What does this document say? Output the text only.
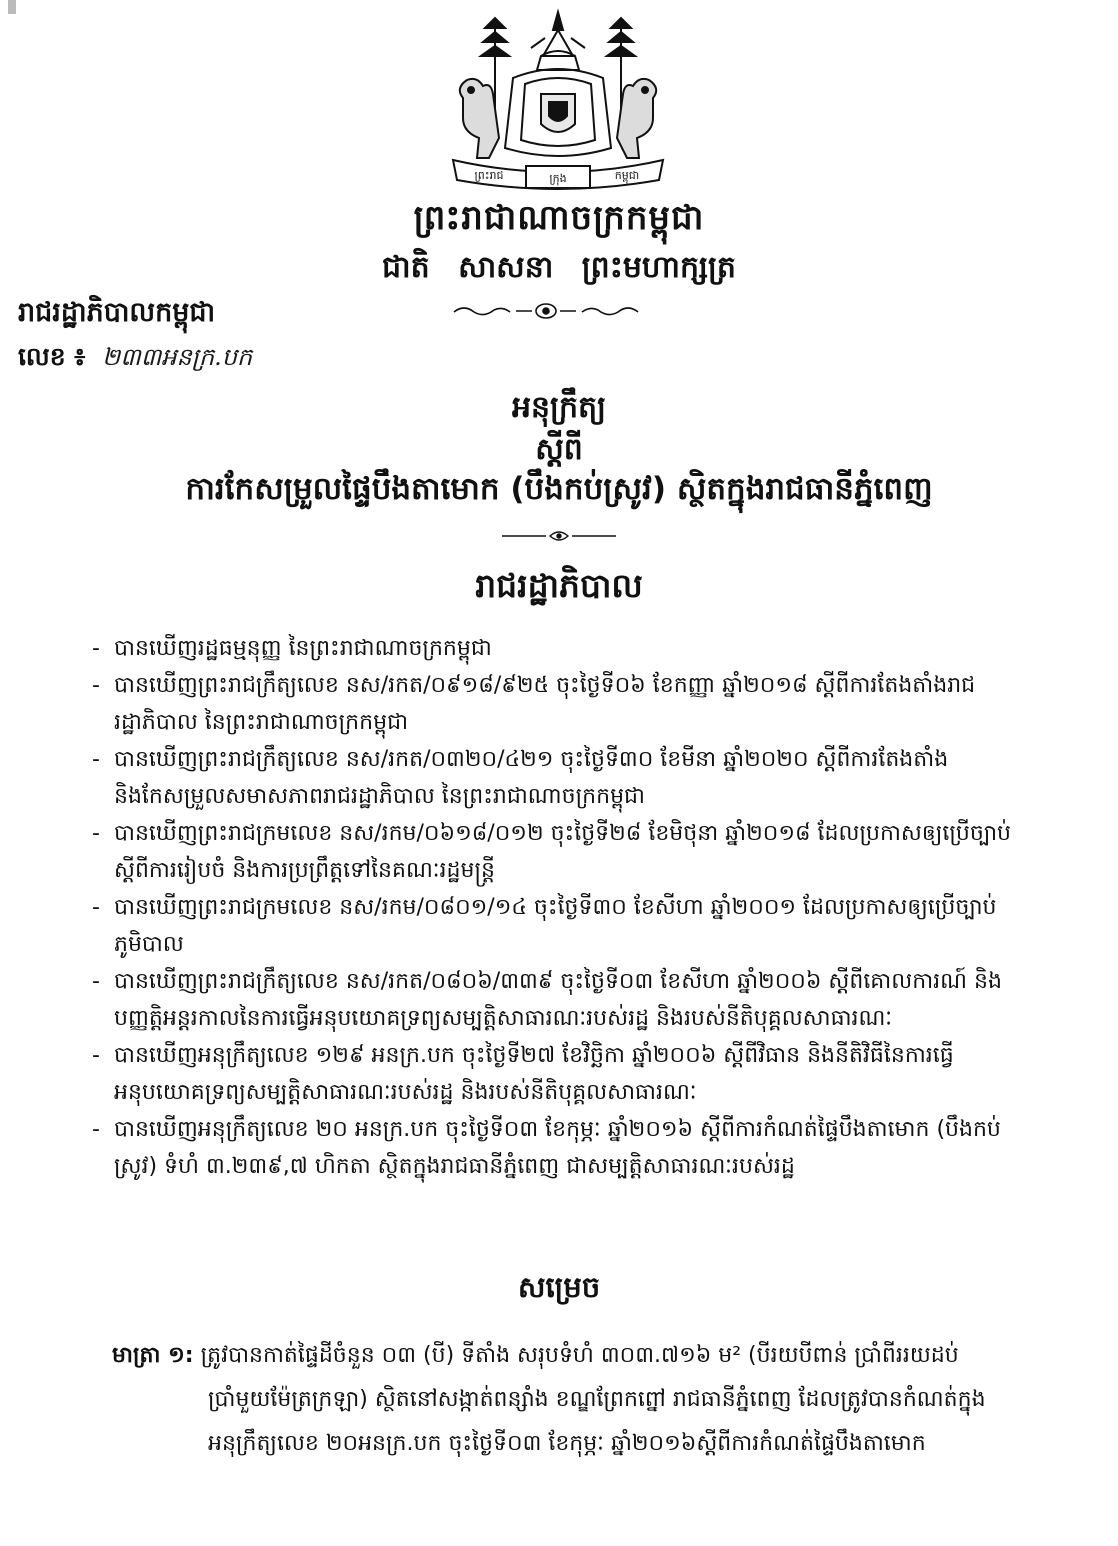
ព្រះរាជ	ក្រុង	កម្ពុជា
ព្រះរាជាណាចក្រកម្ពុជា
ជាតិ សាសនា ព្រះមហាក្សត្រ
រាជរដ្ឋាភិបាលកម្ពុជា
លេខ ៖ ២៣៣អនក្រ.បក
អនុក្រឹត្យ
ស្តីពី
ការកែសម្រួលផ្ទៃបឹងតាមោក (បឹងកប់ស្រូវ) ស្ថិតក្នុងរាជធានីភ្នំពេញ
រាជរដ្ឋាភិបាល
- បានឃើញរដ្ឋធម្មនុញ្ញ នៃព្រះរាជាណាចក្រកម្ពុជា
- បានឃើញព្រះរាជក្រឹត្យលេខ នស/រកត/០៩១៨/៩២៥ ចុះថ្ងៃទី០៦ ខែកញ្ញា ឆ្នាំ២០១៨ ស្តីពីការតែងតាំងរាជរដ្ឋាភិបាល នៃព្រះរាជាណាចក្រកម្ពុជា
- បានឃើញព្រះរាជក្រឹត្យលេខ នស/រកត/០៣២០/៤២១ ចុះថ្ងៃទី៣០ ខែមីនា ឆ្នាំ២០២០ ស្តីពីការតែងតាំង និងកែសម្រួលសមាសភាពរាជរដ្ឋាភិបាល នៃព្រះរាជាណាចក្រកម្ពុជា
- បានឃើញព្រះរាជក្រមលេខ នស/រកម/០៦១៨/០១២ ចុះថ្ងៃទី២៨ ខែមិថុនា ឆ្នាំ២០១៨ ដែលប្រកាសឲ្យប្រើច្បាប់ស្តីពីការរៀបចំ និងការប្រព្រឹត្តទៅនៃគណៈរដ្ឋមន្ត្រី
- បានឃើញព្រះរាជក្រមលេខ នស/រកម/០៨០១/១៤ ចុះថ្ងៃទី៣០ ខែសីហា ឆ្នាំ២០០១ ដែលប្រកាសឲ្យប្រើច្បាប់ភូមិបាល
- បានឃើញព្រះរាជក្រឹត្យលេខ នស/រកត/០៨០៦/៣៣៩ ចុះថ្ងៃទី០៣ ខែសីហា ឆ្នាំ២០០៦ ស្តីពីគោលការណ៍ និងបញ្ញត្តិអន្តរកាលនៃការធ្វើអនុបយោគទ្រព្យសម្បត្តិសាធារណៈរបស់រដ្ឋ និងរបស់នីតិបុគ្គលសាធារណៈ
- បានឃើញអនុក្រឹត្យលេខ ១២៩ អនក្រ.បក ចុះថ្ងៃទី២៧ ខែវិច្ឆិកា ឆ្នាំ២០០៦ ស្តីពីវិធាន និងនីតិវិធីនៃការធ្វើអនុបយោគទ្រព្យសម្បត្តិសាធារណៈរបស់រដ្ឋ និងរបស់នីតិបុគ្គលសាធារណៈ
- បានឃើញអនុក្រឹត្យលេខ ២០ អនក្រ.បក ចុះថ្ងៃទី០៣ ខែកុម្ភៈ ឆ្នាំ២០១៦ ស្តីពីការកំណត់ផ្ទៃបឹងតាមោក (បឹងកប់ស្រូវ) ទំហំ ៣.២៣៩,៧ ហិកតា ស្ថិតក្នុងរាជធានីភ្នំពេញ ជាសម្បត្តិសាធារណៈរបស់រដ្ឋ
សម្រេច
មាត្រា ១: ត្រូវបានកាត់ផ្ទៃដីចំនួន ០៣ (បី) ទីតាំង សរុបទំហំ ៣០៣.៧១៦ ម² (បីរយបីពាន់ ប្រាំពីររយដប់
ប្រាំមួយម៉ែត្រក្រឡា) ស្ថិតនៅសង្កាត់ពន្សាំង ខណ្ឌព្រែកព្នៅ រាជធានីភ្នំពេញ ដែលត្រូវបានកំណត់ក្នុងអនុក្រឹត្យលេខ ២០អនក្រ.បក ចុះថ្ងៃទី០៣ ខែកុម្ភៈ ឆ្នាំ២០១៦ស្តីពីការកំណត់ផ្ទៃបឹងតាមោក
